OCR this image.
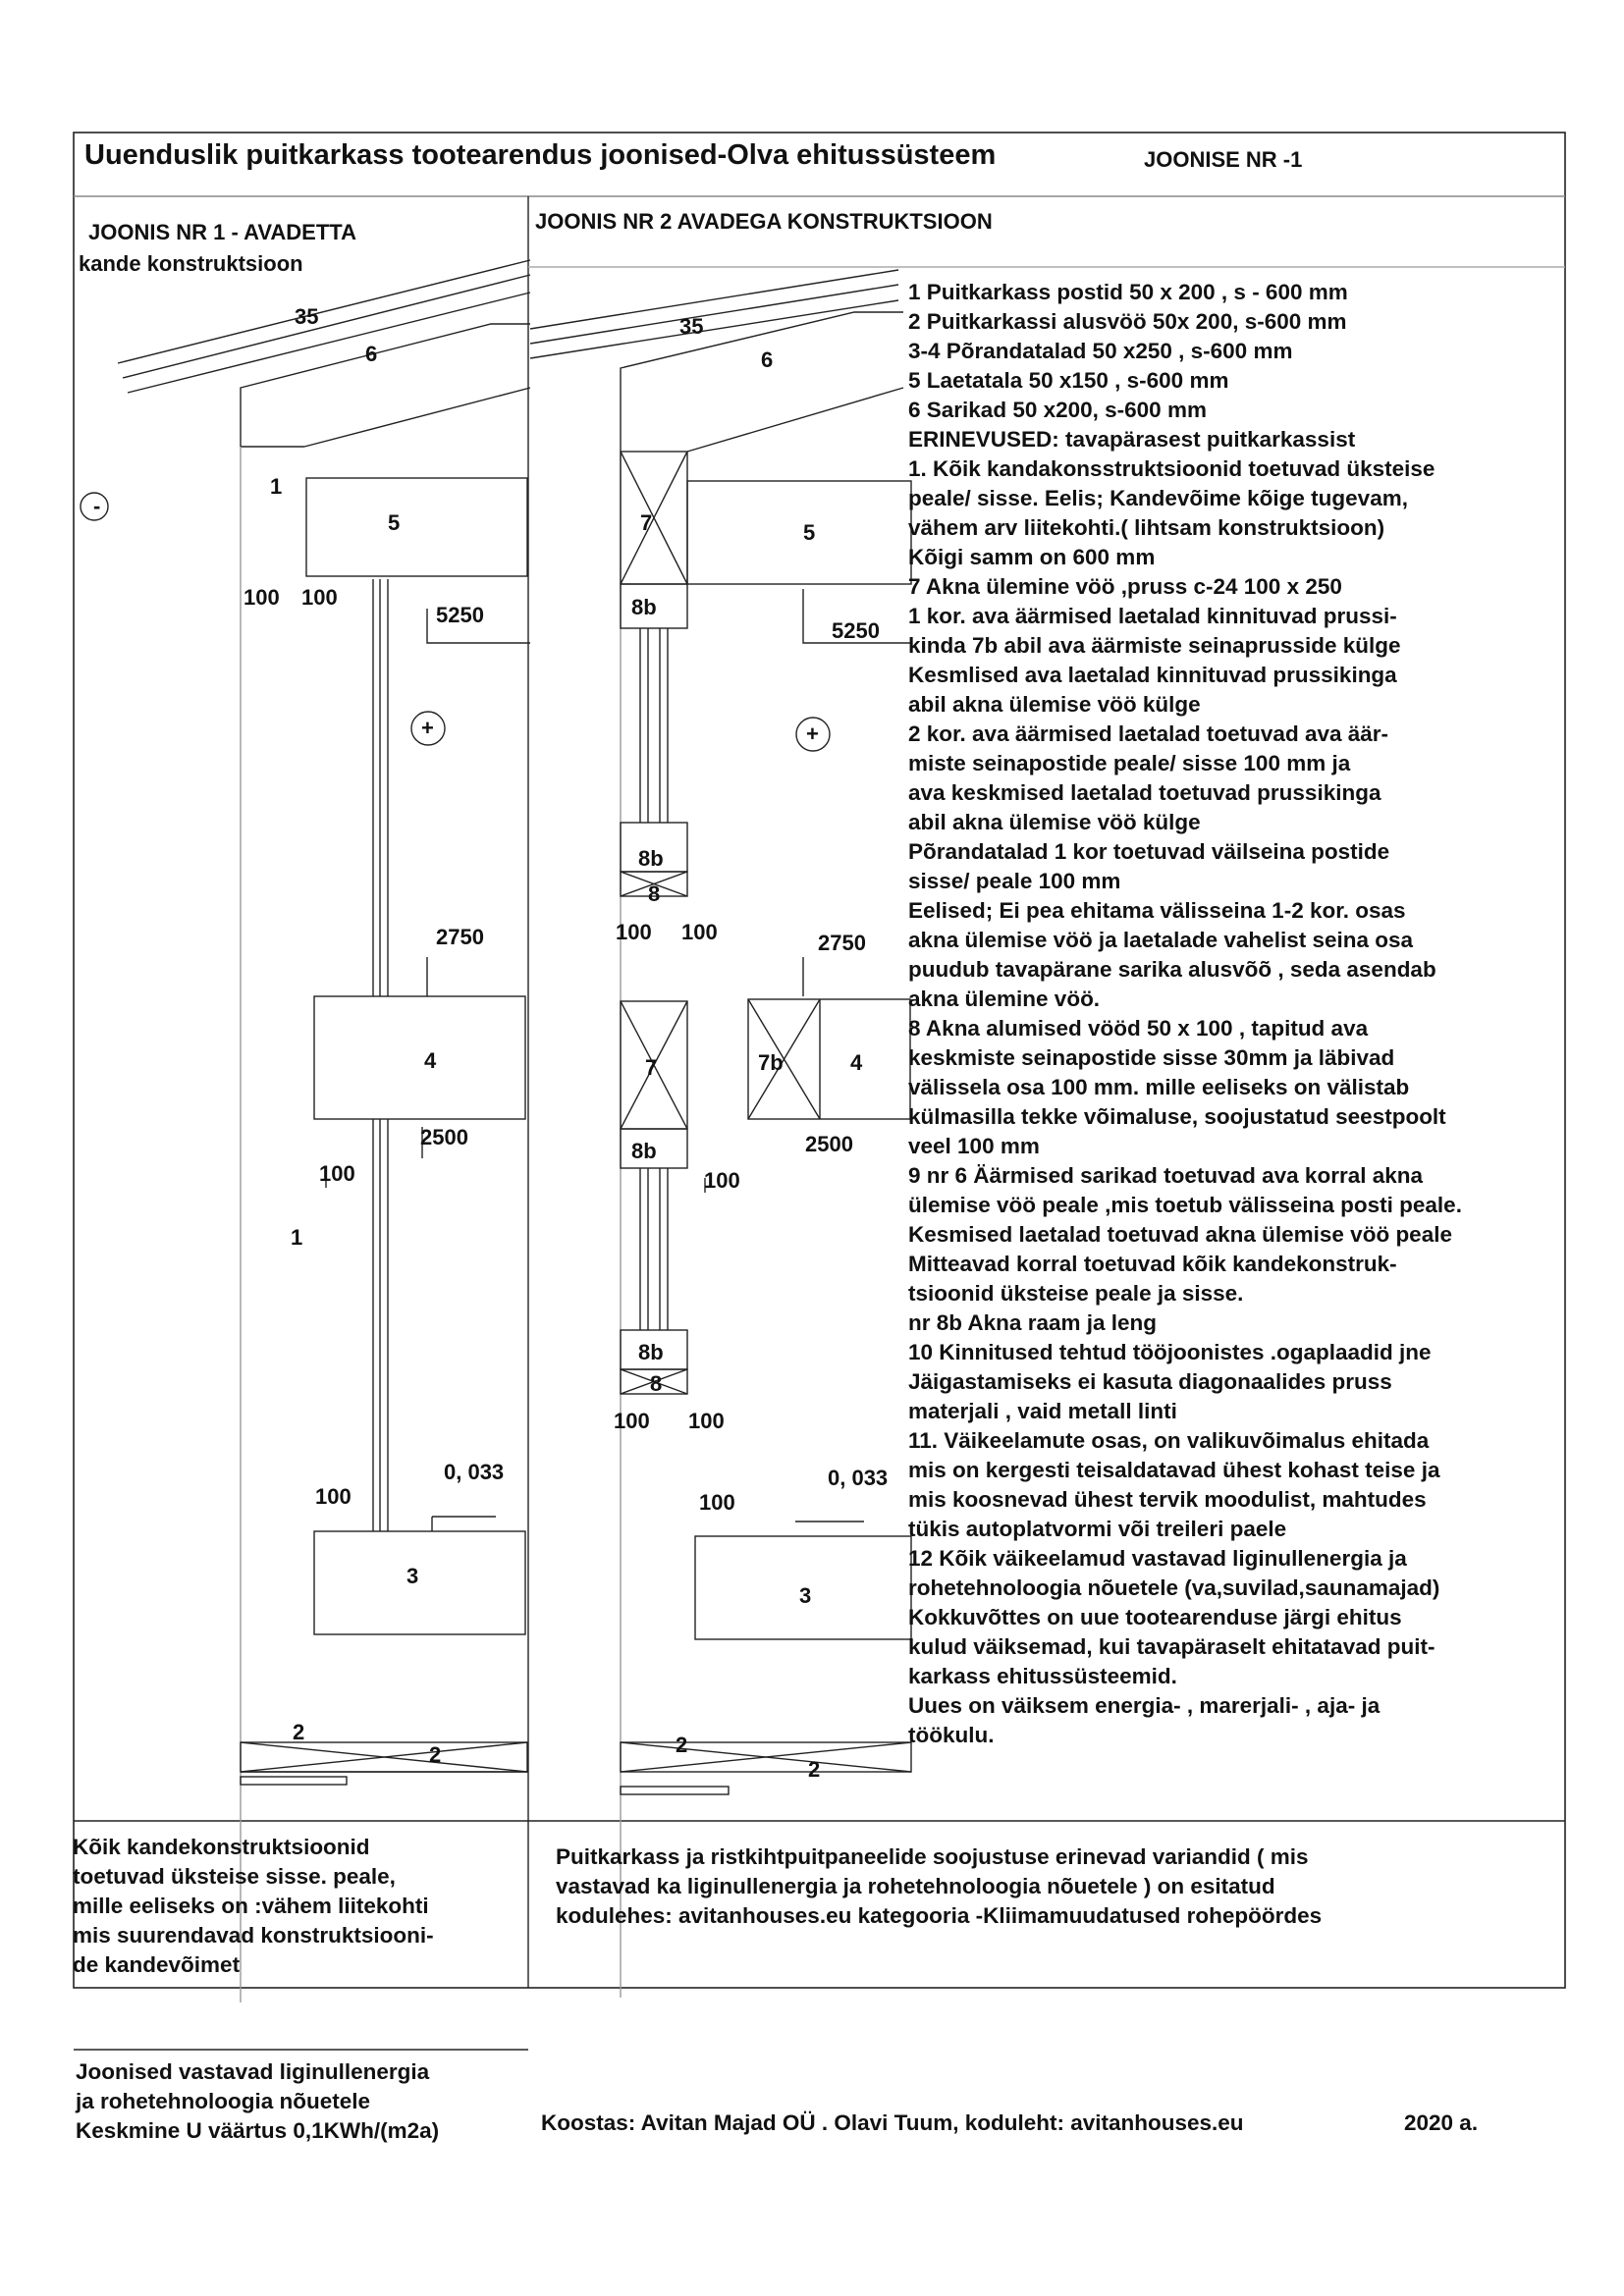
Uuenduslik puitkarkass tootearendus joonised-Olva ehitussüsteem	JOONISE NR -1
JOONIS NR 1 - AVADETTA
kande konstruktsioon
JOONIS NR 2 AVADEGA KONSTRUKTSIOON
35
6
1
-
5
100 100
5250
+
2750
4
2500
100
1
0, 033
100
3
2
2
35
6
7	5
8b
5250
+
8b
8
100 100	2750
7	7b	4
8b	2500
100
8b
8
100 100
0, 033
100
3
2
2
1 Puitkarkass postid 50 x 200 , s - 600 mm
2 Puitkarkassi alusvöö 50x 200, s-600 mm
3-4 Põrandatalad 50 x250 , s-600 mm
5 Laetatala 50 x150 , s-600 mm
6 Sarikad 50 x200, s-600 mm
ERINEVUSED: tavapärasest puitkarkassist
1. Kõik kandakonsstruktsioonid toetuvad üksteise
peale/ sisse. Eelis; Kandevõime kõige tugevam,
vähem arv liitekohti.( lihtsam konstruktsioon)
Kõigi samm on 600 mm
7 Akna ülemine vöö ,pruss c-24 100 x 250
1 kor. ava äärmised laetalad kinnituvad prussi-
kinda 7b abil ava äärmiste seinaprusside külge
Kesmlised ava laetalad kinnituvad prussikinga
abil akna ülemise vöö külge
2 kor. ava äärmised laetalad toetuvad ava äär-
miste seinapostide peale/ sisse 100 mm ja
ava keskmised laetalad toetuvad prussikinga
abil akna ülemise vöö külge
Põrandatalad 1 kor toetuvad väilseina postide
sisse/ peale 100 mm
Eelised; Ei pea ehitama välisseina 1-2 kor. osas
akna ülemise vöö ja laetalade vahelist seina osa
puudub tavapärane sarika alusvõõ , seda asendab
akna ülemine vöö.
8 Akna alumised vööd 50 x 100 , tapitud ava
keskmiste seinapostide sisse 30mm ja läbivad
välissela osa 100 mm. mille eeliseks on välistab
külmasilla tekke võimaluse, soojustatud seestpoolt
veel 100 mm
9 nr 6 Äärmised sarikad toetuvad ava korral akna
ülemise vöö peale ,mis toetub välisseina posti peale.
Kesmised laetalad toetuvad akna ülemise vöö peale
Mitteavad korral toetuvad kõik kandekonstruk-
tsioonid üksteise peale ja sisse.
nr 8b Akna raam ja leng
10 Kinnitused tehtud tööjoonistes .ogaplaadid jne
Jäigastamiseks ei kasuta diagonaalides pruss
materjali , vaid metall linti
11. Väikeelamute osas, on valikuvõimalus ehitada
mis on kergesti teisaldatavad ühest kohast teise ja
mis koosnevad ühest tervik moodulist, mahtudes
tükis autoplatvormi või treileri paele
12 Kõik väikeelamud vastavad liginullenergia ja
rohetehnoloogia nõuetele (va,suvilad,saunamajad)
Kokkuvõttes on uue tootearenduse järgi ehitus
kulud väiksemad, kui tavapäraselt ehitatavad puit-
karkass ehitussüsteemid.
Uues on väiksem energia- , marerjali- , aja- ja
töökulu.
Kõik kandekonstruktsioonid
toetuvad üksteise sisse. peale,
mille eeliseks on :vähem liitekohti
mis suurendavad konstruktsiooni-
de kandevõimet
Puitkarkass ja ristkihtpuitpaneelide soojustuse erinevad variandid ( mis
vastavad ka liginullenergia ja rohetehnoloogia nõuetele ) on esitatud
kodulehes: avitanhouses.eu kategooria -Kliimamuudatused rohepöördes
Joonised vastavad liginullenergia
ja rohetehnoloogia nõuetele
Keskmine U väärtus 0,1KWh/(m2a)	Koostas: Avitan Majad OÜ . Olavi Tuum, koduleht: avitanhouses.eu	2020 a.
